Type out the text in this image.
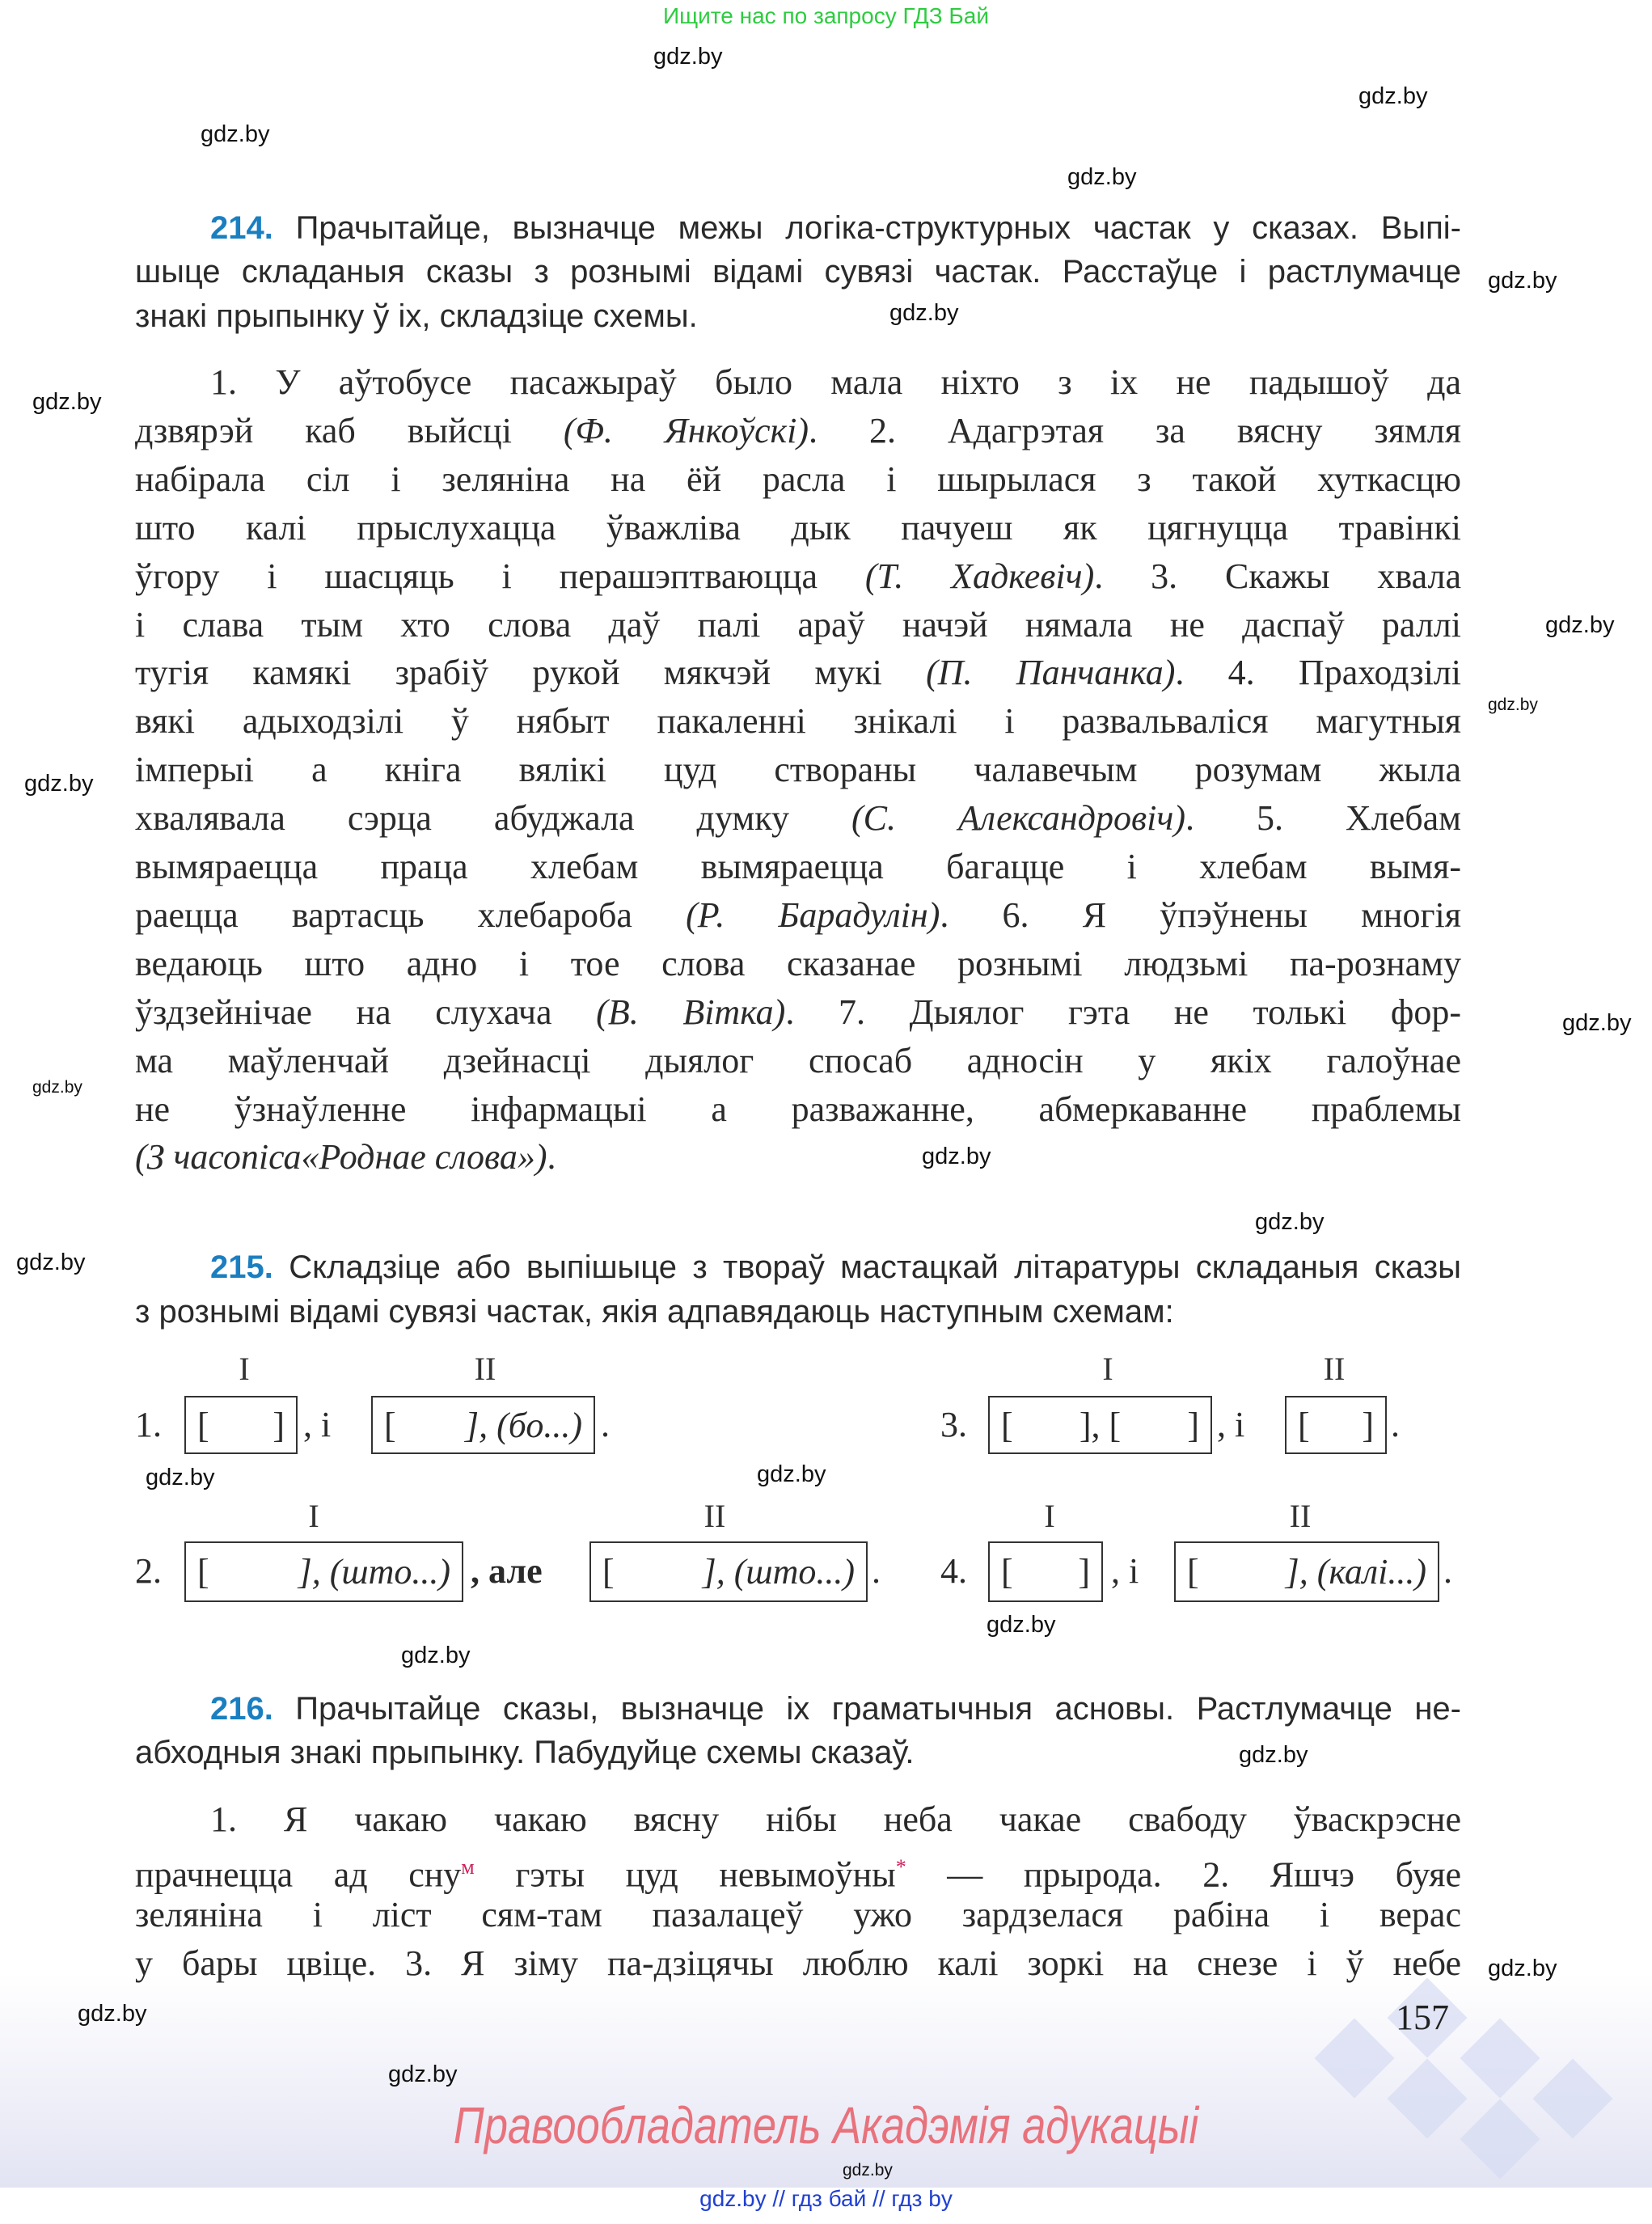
Ищите нас по запросу ГДЗ Бай
214. Прачытайце, вызначце межы логіка-структурных частак у сказах. Выпі-
шыце складаныя сказы з рознымі відамі сувязі частак. Расстаўце і растлумачце
знакі прыпынку ў іх, складзіце схемы.
1. У аўтобусе пасажыраў было мала ніхто з іх не падышоў да
дзвярэй каб выйсці (Ф. Янкоўскі). 2. Адагрэтая за вясну зямля
набірала сіл і зеляніна на ёй расла і шырылася з такой хуткасцю
што калі прыслухацца ўважліва дык пачуеш як цягнуцца травінкі
ўгору і шасцяць і перашэптваюцца (Т. Хадкевіч). 3. Скажы хвала
і слава тым хто слова даў палі араў начэй нямала не даспаў раллі
тугія камякі зрабіў рукой мякчэй мукі (П. Панчанка). 4. Праходзілі
вякі адыходзілі ў нябыт пакаленні знікалі і развальваліся магутныя
імперыі а кніга вялікі цуд створаны чалавечым розумам жыла
хвалявала сэрца абуджала думку (С. Александровіч). 5. Хлебам
вымяраецца праца хлебам вымяраецца багацце і хлебам вымя-
раецца вартасць хлебароба (Р. Барадулін). 6. Я ўпэўнены многія
ведаюць што адно і тое слова сказанае рознымі людзьмі па-рознаму
ўздзейнічае на слухача (В. Вітка). 7. Дыялог гэта не толькі фор-
ма маўленчай дзейнасці дыялог спосаб адносін у якіх галоўнае
не ўзнаўленне інфармацыі а разважанне, абмеркаванне праблемы
(З часопіса«Роднае слова»).
215. Складзіце або выпішыце з твораў мастацкай літаратуры складаныя сказы
з рознымі відамі сувязі частак, якія адпавядаюць наступным схемам:
I	II	I	II
1. [ ] , і [ ], (бо...) .	3. [ ], [ ] , і [ ] .
I	II	I	II
2. [ ], (што...) , але [ ], (што...) . 4. [ ] , і [ ], (калі...) .
216. Прачытайце сказы, вызначце іх граматычныя асновы. Растлумачце не-
абходныя знакі прыпынку. Пабудуйце схемы сказаў.
1. Я чакаю чакаю вясну нібы неба чакае свабоду ўваскрэсне
прачнецца ад сну$^м$ гэты цуд невымоўны* — прырода. 2. Яшчэ буяе
зеляніна і ліст сям-там пазалацеў ужо зардзелася рабіна і верас
у бары цвіце. 3. Я зіму па-дзіцячы люблю калі зоркі на снезе і ў небе
157
Правообладатель Акадэмія адукацыі
gdz.by // гдз бай // гдз by
gdz.by
gdz.by
gdz.by
gdz.by
gdz.by
gdz.by
gdz.by
gdz.by
gdz.by
gdz.by
gdz.by
gdz.by
gdz.by
gdz.by
gdz.by
gdz.by
gdz.by
gdz.by
gdz.by
gdz.by
gdz.by
gdz.by
gdz.by
gdz.by
